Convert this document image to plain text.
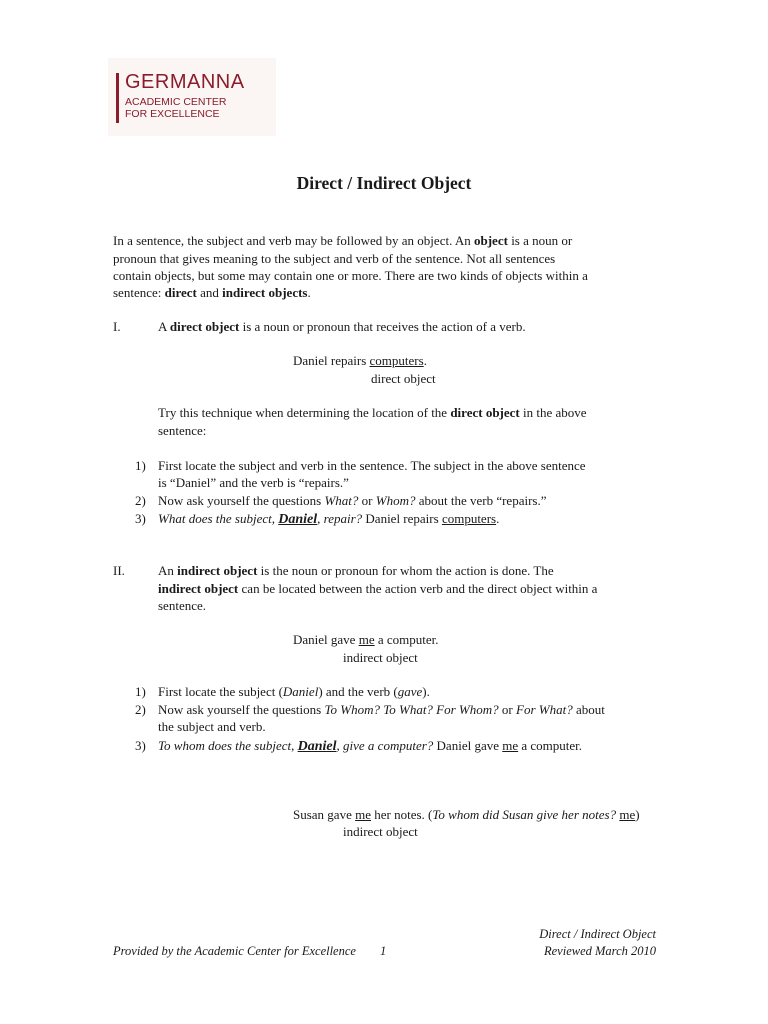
GERMANNA
ACADEMIC CENTER
FOR EXCELLENCE
Direct / Indirect Object
In a sentence, the subject and verb may be followed by an object. An object is a noun or
pronoun that gives meaning to the subject and verb of the sentence. Not all sentences
contain objects, but some may contain one or more. There are two kinds of objects within a
sentence: direct and indirect objects.
I.	A direct object is a noun or pronoun that receives the action of a verb.
Daniel repairs computers.
direct object
Try this technique when determining the location of the direct object in the above
sentence:
1) First locate the subject and verb in the sentence. The subject in the above sentence
is “Daniel” and the verb is “repairs.”
2) Now ask yourself the questions What? or Whom? about the verb “repairs.”
3) What does the subject, Daniel, repair? Daniel repairs computers.
II.	An indirect object is the noun or pronoun for whom the action is done. The
indirect object can be located between the action verb and the direct object within a
sentence.
Daniel gave me a computer.
indirect object
1) First locate the subject (Daniel) and the verb (gave).
2) Now ask yourself the questions To Whom? To What? For Whom? or For What? about
the subject and verb.
3) To whom does the subject, Daniel, give a computer? Daniel gave me a computer.
Susan gave me her notes. (To whom did Susan give her notes? me)
indirect object
Direct / Indirect Object
Provided by the Academic Center for Excellence 1	Reviewed March 2010
